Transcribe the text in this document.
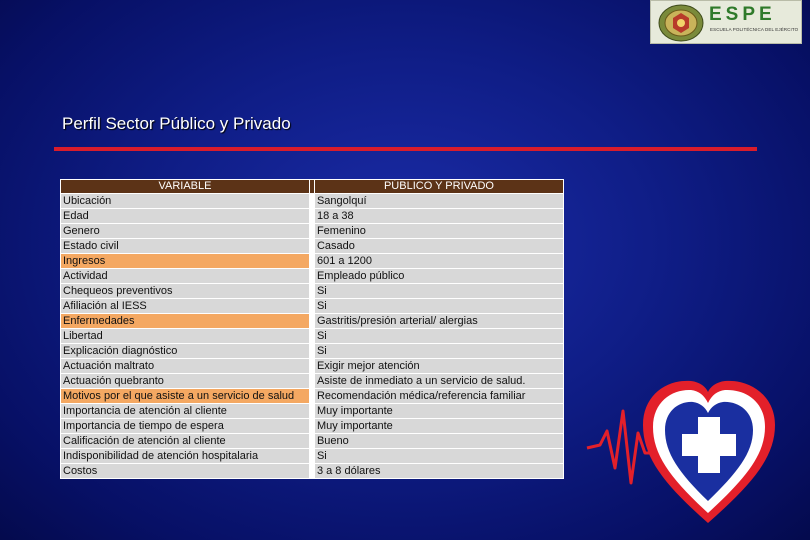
ESPE
ESCUELA POLITÉCNICA DEL EJÉRCITO
Perfil Sector Público y Privado
VARIABLE		PÚBLICO Y PRIVADO
Ubicación		Sangolquí
Edad		18 a 38
Genero		Femenino
Estado civil		Casado
Ingresos		601 a 1200
Actividad		Empleado público
Chequeos preventivos		Si
Afiliación al IESS		Si
Enfermedades		Gastritis/presión arterial/ alergias
Libertad		Si
Explicación diagnóstico		Si
Actuación maltrato		Exigir mejor atención
Actuación quebranto		Asiste de inmediato a un servicio de salud.
Motivos por el que asiste a un servicio de salud		Recomendación médica/referencia familiar
Importancia de atención al cliente		Muy importante
Importancia de tiempo de espera		Muy importante
Calificación de atención al cliente		Bueno
Indisponibilidad de atención hospitalaria		Si
Costos		3 a 8 dólares
